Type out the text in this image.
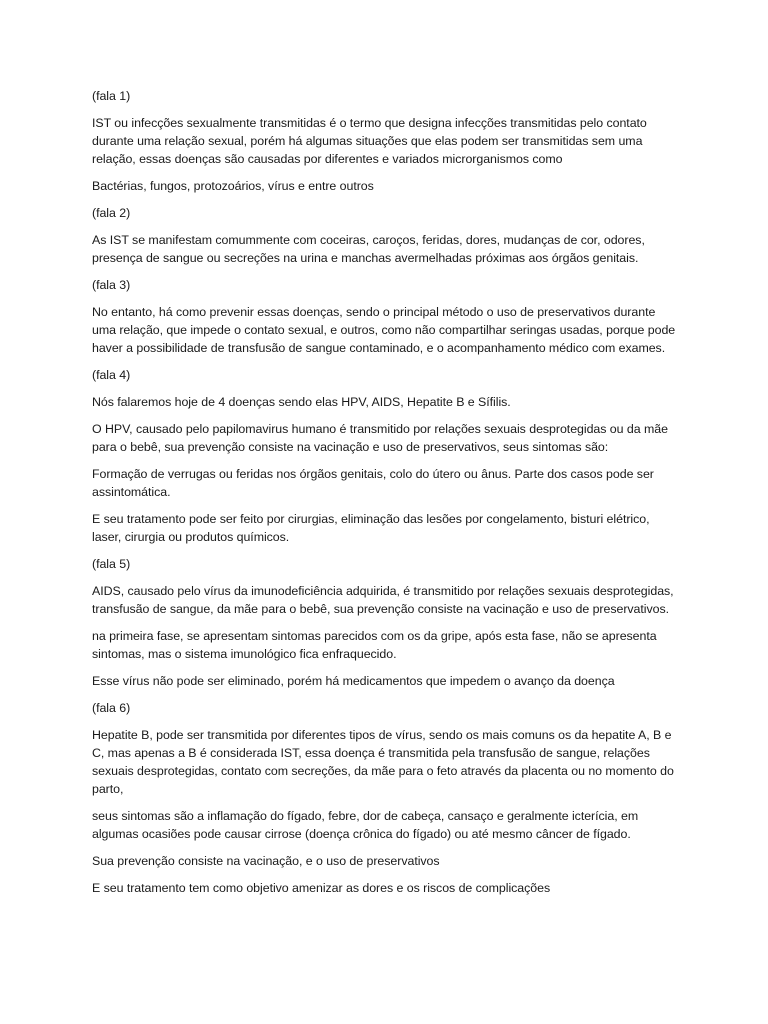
(fala 1)

IST ou infecções sexualmente transmitidas é o termo que designa infecções transmitidas pelo contato durante uma relação sexual, porém há algumas situações que elas podem ser transmitidas sem uma relação, essas doenças são causadas por diferentes e variados microrganismos como

Bactérias, fungos, protozoários, vírus e entre outros

(fala 2)

As IST se manifestam comummente com coceiras, caroços, feridas, dores, mudanças de cor, odores, presença de sangue ou secreções na urina e manchas avermelhadas próximas aos órgãos genitais.

(fala 3)

No entanto, há como prevenir essas doenças, sendo o principal método o uso de preservativos durante uma relação, que impede o contato sexual, e outros, como não compartilhar seringas usadas, porque pode haver a possibilidade de transfusão de sangue contaminado, e o acompanhamento médico com exames.

(fala 4)

Nós falaremos hoje de 4 doenças sendo elas HPV, AIDS, Hepatite B e Sífilis.

O HPV, causado pelo papilomavirus humano é transmitido por relações sexuais desprotegidas ou da mãe para o bebê, sua prevenção consiste na vacinação e uso de preservativos, seus sintomas são:

Formação de verrugas ou feridas nos órgãos genitais, colo do útero ou ânus. Parte dos casos pode ser assintomática.

E seu tratamento pode ser feito por cirurgias, eliminação das lesões por congelamento, bisturi elétrico, laser, cirurgia ou produtos químicos.

(fala 5)

AIDS, causado pelo vírus da imunodeficiência adquirida, é transmitido por relações sexuais desprotegidas, transfusão de sangue, da mãe para o bebê, sua prevenção consiste na vacinação e uso de preservativos.

na primeira fase, se apresentam sintomas parecidos com os da gripe, após esta fase, não se apresenta sintomas, mas o sistema imunológico fica enfraquecido.

Esse vírus não pode ser eliminado, porém há medicamentos que impedem o avanço da doença

(fala 6)

Hepatite B, pode ser transmitida por diferentes tipos de vírus, sendo os mais comuns os da hepatite A, B e C, mas apenas a B é considerada IST, essa doença é transmitida pela transfusão de sangue, relações sexuais desprotegidas, contato com secreções, da mãe para o feto através da placenta ou no momento do parto,

seus sintomas são a inflamação do fígado, febre, dor de cabeça, cansaço e geralmente icterícia, em algumas ocasiões pode causar cirrose (doença crônica do fígado) ou até mesmo câncer de fígado.

Sua prevenção consiste na vacinação, e o uso de preservativos

E seu tratamento tem como objetivo amenizar as dores e os riscos de complicações
